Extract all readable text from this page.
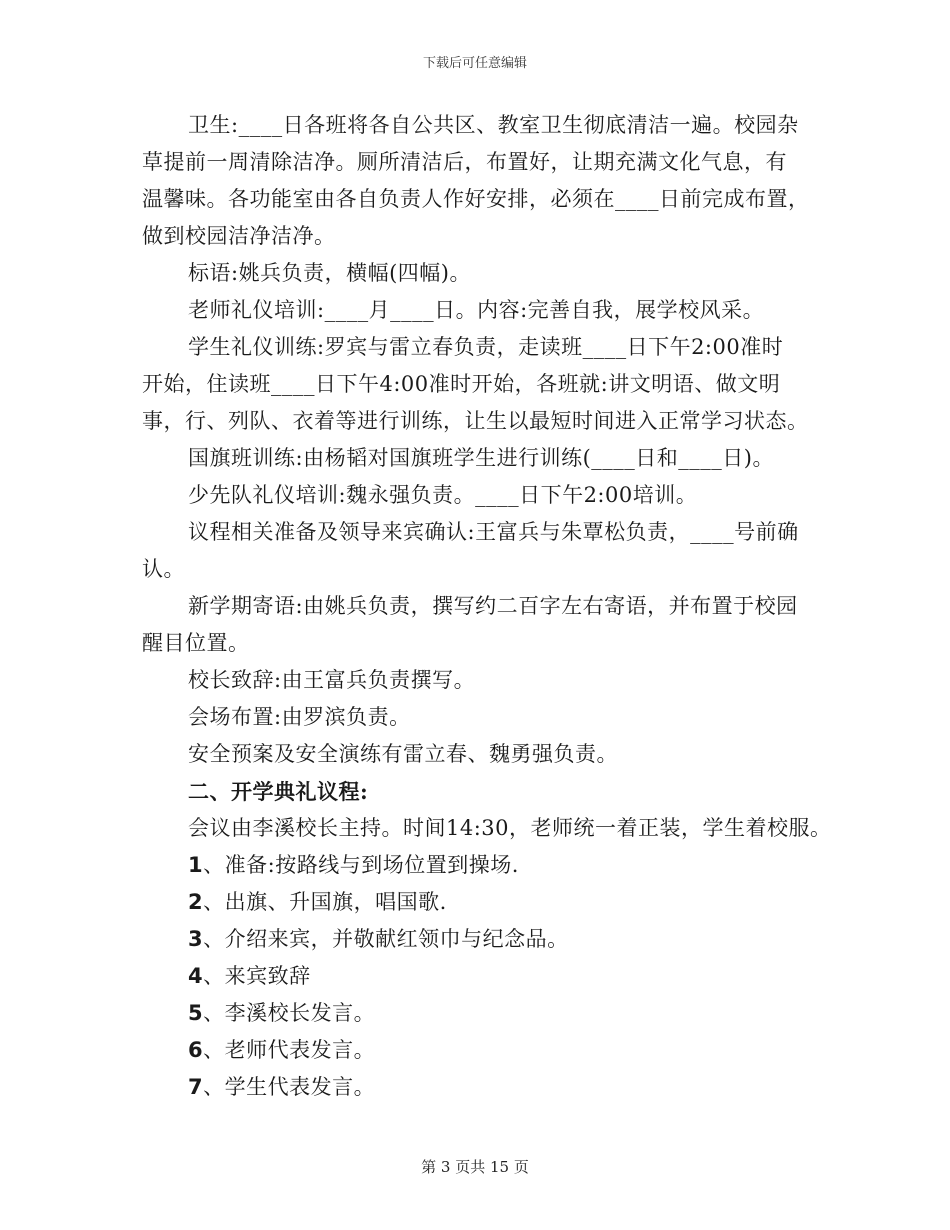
下载后可任意编辑

卫生:____日各班将各自公共区、教室卫生彻底清洁一遍。校园杂

草提前一周清除洁净。厕所清洁后，布置好，让期充满文化气息，有

温馨味。各功能室由各自负责人作好安排，必须在____日前完成布置，

做到校园洁净洁净。

标语:姚兵负责，横幅(四幅)。

老师礼仪培训:____月____日。内容:完善自我，展学校风采。

学生礼仪训练:罗宾与雷立春负责，走读班____日下午2:00准时

开始，住读班____日下午4:00准时开始，各班就:讲文明语、做文明

事，行、列队、衣着等进行训练，让生以最短时间进入正常学习状态。

国旗班训练:由杨韬对国旗班学生进行训练(____日和____日)。

少先队礼仪培训:魏永强负责。____日下午2:00培训。

议程相关准备及领导来宾确认:王富兵与朱覃松负责，____号前确

认。

新学期寄语:由姚兵负责，撰写约二百字左右寄语，并布置于校园

醒目位置。

校长致辞:由王富兵负责撰写。

会场布置:由罗滨负责。

安全预案及安全演练有雷立春、魏勇强负责。

二、开学典礼议程:

会议由李溪校长主持。时间14:30，老师统一着正装，学生着校服。

1、准备:按路线与到场位置到操场.

2、出旗、升国旗，唱国歌.

3、介绍来宾，并敬献红领巾与纪念品。

4、来宾致辞

5、李溪校长发言。

6、老师代表发言。

7、学生代表发言。

第 3 页共 15 页
